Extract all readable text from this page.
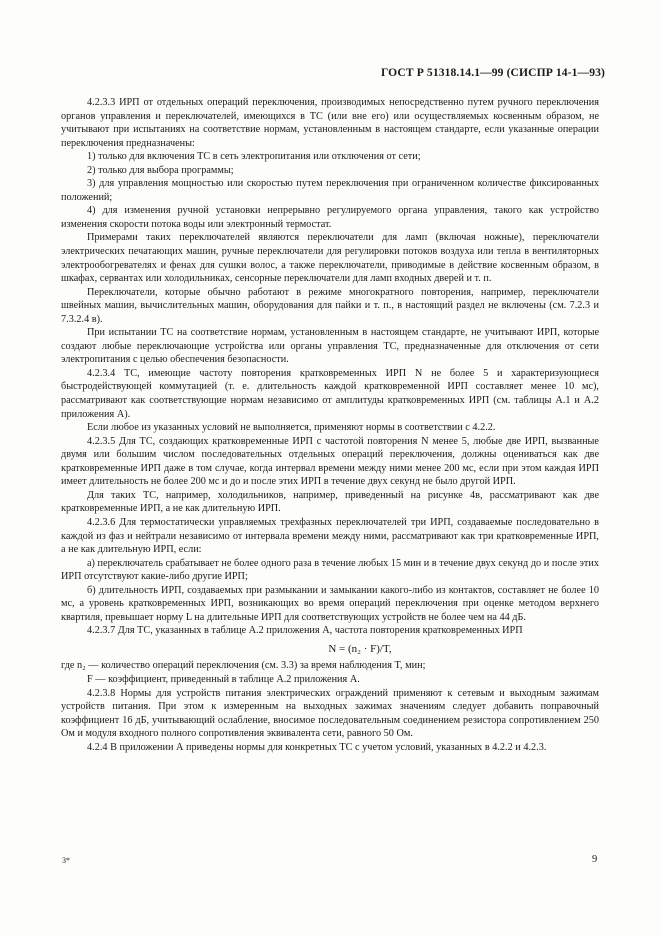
ГОСТ Р 51318.14.1—99 (СИСПР 14-1—93)

4.2.3.3 ИРП от отдельных операций переключения, производимых непосредственно путем ручного переключения органов управления и переключателей, имеющихся в ТС (или вне его) или осуществляемых косвенным образом, не учитывают при испытаниях на соответствие нормам, установленным в настоящем стандарте, если указанные операции переключения предназначены:

1) только для включения ТС в сеть электропитания или отключения от сети;

2) только для выбора программы;

3) для управления мощностью или скоростью путем переключения при ограниченном количестве фиксированных положений;

4) для изменения ручной установки непрерывно регулируемого органа управления, такого как устройство изменения скорости потока воды или электронный термостат.

Примерами таких переключателей являются переключатели для ламп (включая ножные), переключатели электрических печатающих машин, ручные переключатели для регулировки потоков воздуха или тепла в вентиляторных электрообогревателях и фенах для сушки волос, а также переключатели, приводимые в действие косвенным образом, в шкафах, сервантах или холодильниках, сенсорные переключатели для ламп входных дверей и т. п.

Переключатели, которые обычно работают в режиме многократного повторения, например, переключатели швейных машин, вычислительных машин, оборудования для пайки и т. п., в настоящий раздел не включены (см. 7.2.3 и 7.3.2.4 в).

При испытании ТС на соответствие нормам, установленным в настоящем стандарте, не учитывают ИРП, которые создают любые переключающие устройства или органы управления ТС, предназначенные для отключения от сети электропитания с целью обеспечения безопасности.

4.2.3.4 ТС, имеющие частоту повторения кратковременных ИРП N не более 5 и характеризующиеся быстродействующей коммутацией (т. е. длительность каждой кратковременной ИРП составляет менее 10 мс), рассматривают как соответствующие нормам независимо от амплитуды кратковременных ИРП (см. таблицы А.1 и А.2 приложения А).

Если любое из указанных условий не выполняется, применяют нормы в соответствии с 4.2.2.

4.2.3.5 Для ТС, создающих кратковременные ИРП с частотой повторения N менее 5, любые две ИРП, вызванные двумя или большим числом последовательных отдельных операций переключения, должны оцениваться как две кратковременные ИРП даже в том случае, когда интервал времени между ними менее 200 мс, если при этом каждая ИРП имеет длительность не более 200 мс и до и после этих ИРП в течение двух секунд не было другой ИРП.

Для таких ТС, например, холодильников, например, приведенный на рисунке 4в, рассматривают как две кратковременные ИРП, а не как длительную ИРП.

4.2.3.6 Для термостатически управляемых трехфазных переключателей три ИРП, создаваемые последовательно в каждой из фаз и нейтрали независимо от интервала времени между ними, рассматривают как три кратковременные ИРП, а не как длительную ИРП, если:

а) переключатель срабатывает не более одного раза в течение любых 15 мин и в течение двух секунд до и после этих ИРП отсутствуют какие-либо другие ИРП;

б) длительность ИРП, создаваемых при размыкании и замыкании какого-либо из контактов, составляет не более 10 мс, а уровень кратковременных ИРП, возникающих во время операций переключения при оценке методом верхнего квартиля, превышает норму L на длительные ИРП для соответствующих устройств не более чем на 44 дБ.

4.2.3.7 Для ТС, указанных в таблице А.2 приложения А, частота повторения кратковременных ИРП

N = (n₂ · F)/T,

где n₂ — количество операций переключения (см. 3.3) за время наблюдения T, мин;

F — коэффициент, приведенный в таблице А.2 приложения А.

4.2.3.8 Нормы для устройств питания электрических ограждений применяют к сетевым и выходным зажимам устройств питания. При этом к измеренным на выходных зажимах значениям следует добавить поправочный коэффициент 16 дБ, учитывающий ослабление, вносимое последовательным соединением резистора сопротивлением 250 Ом и модуля входного полного сопротивления эквивалента сети, равного 50 Ом.

4.2.4 В приложении А приведены нормы для конкретных ТС с учетом условий, указанных в 4.2.2 и 4.2.3.

3*	9
